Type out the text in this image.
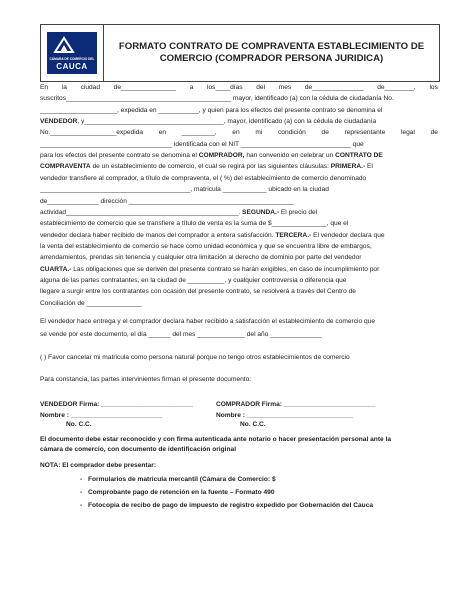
CÁMARA DE COMERCIO DEL
CAUCA
FORMATO CONTRATO DE COMPRAVENTA ESTABLECIMIENTO DE
COMERCIO (COMPRADOR PERSONA JURIDICA)
En la ciudad de_______________ a los____días del mes de______________ de________, los
suscritos_____________________________________________ mayor, identificado (a) con la cédula de ciudadanía No.
_____________________, expedida en ___________, y quien para los efectos del presente contrato se denomina el
VENDEDOR, y______________________________________, mayor, identificado (a) con la cédula de ciudadanía
No.__________________expedida en _________, en mi condición de representante legal de
____________________________________ identificada con el NIT ______________________________ que
para los efectos del presente contrato se denomina el COMPRADOR, han convenido en celebrar un CONTRATO DE
COMPRAVENTA de un establecimiento de comercio, el cual se regirá por las siguientes cláusulas: PRIMERA.- El
vendedor transfiere al comprador, a título de compraventa, el ( %) del establecimiento de comercio denominado
_________________________________________, matricula ____________ ubicado en la ciudad
de______________ dirección _____________________________________________
actividad_______________________________________________. SEGUNDA.- El precio del
establecimiento de comercio que se transfiere a título de venta es la suma de $_______________, que el
vendedor declara haber recibido de manos del comprador a entera satisfacción. TERCERA.- El vendedor declara que
la venta del establecimiento de comercio se hace como unidad económica y que se encuentra libre de embargos,
arrendamientos, prendas sin tenencia y cualquier otra limitación al derecho de dominio por parte del vendedor
CUARTA.- Las obligaciones que se deriven del presente contrato se harán exigibles, en caso de incumplimiento por
alguna de las partes contratantes, en la ciudad de __________, y cualquier controversia o diferencia que
llegare a surgir entre los contratantes con ocasión del presente contrato, se resolverá a través del Centro de
Conciliación de _______________
El vendedor hace entrega y el comprador declara haber recibido a satisfacción el establecimiento de comercio que
se vende por este documento, el día ______ del mes _____________ del año ______________
( ) Favor cancelar mi matricula como persona natural porque no tengo otros establecimientos de comercio
Para constancia, las partes intervinientes firman el presente documento:
VENDEDOR Firma: _________________________	COMPRADOR Firma: _________________________
Nombre : _________________________	Nombre : _____________________________
No. C.C.	No. C.C.
El documento debe estar reconocido y con firma autenticada ante notario o hacer presentación personal ante la
cámara de comercio, con documento de identificación original
NOTA: El comprador debe presentar:
- Formularios de matricula mercantil (Cámara de Comercio: $
- Comprobante pago de retención en la fuente – Formato 490
- Fotocopia de recibo de pago de impuesto de registro expedido por Gobernación del Cauca
